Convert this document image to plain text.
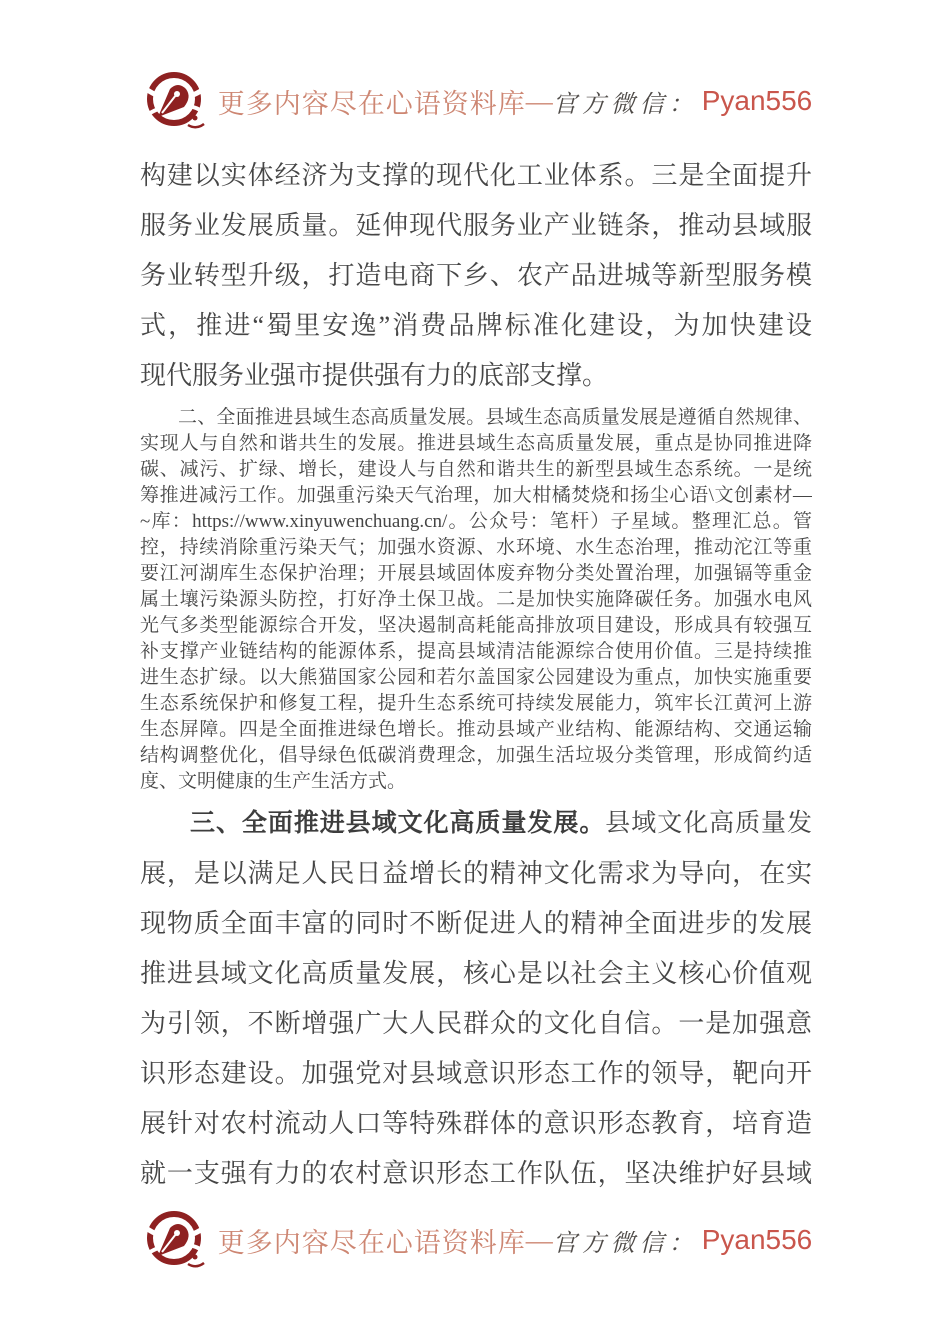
更多内容尽在心语资料库 — 官方微信： Pyan556
构建以实体经济为支撑的现代化工业体系。三是全面提升
服务业发展质量。延伸现代服务业产业链条，推动县域服
务业转型升级，打造电商下乡、农产品进城等新型服务模
式，推进“蜀里安逸”消费品牌标准化建设，为加快建设
现代服务业强市提供强有力的底部支撑。
二、全面推进县域生态高质量发展。县域生态高质量发展是遵循自然规律、
实现人与自然和谐共生的发展。推进县域生态高质量发展，重点是协同推进降
碳、减污、扩绿、增长，建设人与自然和谐共生的新型县域生态系统。一是统
筹推进减污工作。加强重污染天气治理，加大柑橘焚烧和扬尘心语\文创素材—
~库：https://www.xinyuwenchuang.cn/。公众号：笔杆）子星域。整理汇总。管
控，持续消除重污染天气；加强水资源、水环境、水生态治理，推动沱江等重
要江河湖库生态保护治理；开展县域固体废弃物分类处置治理，加强镉等重金
属土壤污染源头防控，打好净土保卫战。二是加快实施降碳任务。加强水电风
光气多类型能源综合开发，坚决遏制高耗能高排放项目建设，形成具有较强互
补支撑产业链结构的能源体系，提高县域清洁能源综合使用价值。三是持续推
进生态扩绿。以大熊猫国家公园和若尔盖国家公园建设为重点，加快实施重要
生态系统保护和修复工程，提升生态系统可持续发展能力，筑牢长江黄河上游
生态屏障。四是全面推进绿色增长。推动县域产业结构、能源结构、交通运输
结构调整优化，倡导绿色低碳消费理念，加强生活垃圾分类管理，形成简约适
度、文明健康的生产生活方式。
三、全面推进县域文化高质量发展。县域文化高质量发
展，是以满足人民日益增长的精神文化需求为导向，在实
现物质全面丰富的同时不断促进人的精神全面进步的发展
推进县域文化高质量发展，核心是以社会主义核心价值观
为引领，不断增强广大人民群众的文化自信。一是加强意
识形态建设。加强党对县域意识形态工作的领导，靶向开
展针对农村流动人口等特殊群体的意识形态教育，培育造
就一支强有力的农村意识形态工作队伍，坚决维护好县域
更多内容尽在心语资料库 — 官方微信： Pyan556
